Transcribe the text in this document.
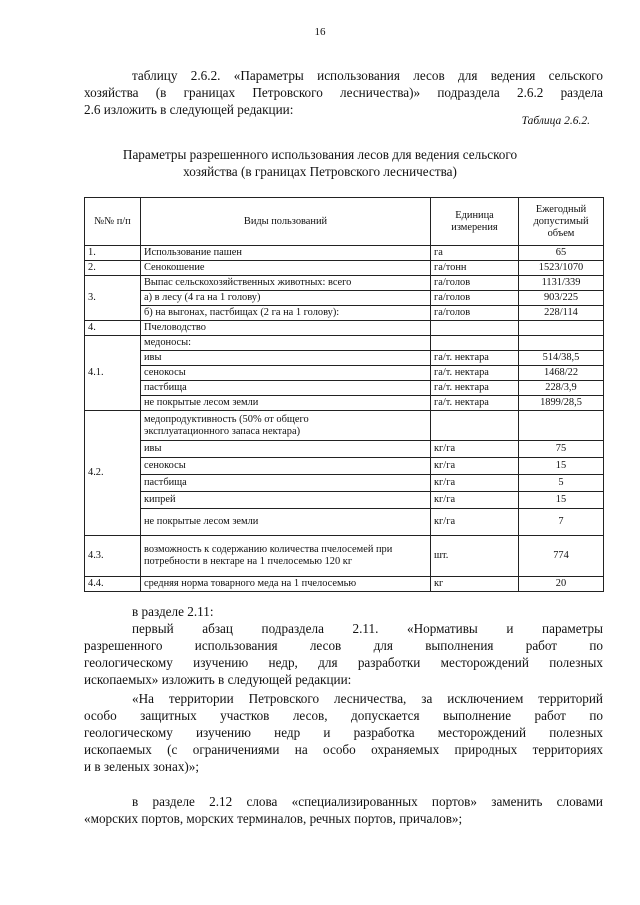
16
таблицу 2.6.2. «Параметры использования лесов для ведения сельского
хозяйства (в границах Петровского лесничества)» подраздела 2.6.2 раздела
2.6 изложить в следующей редакции:
Таблица 2.6.2.
Параметры разрешенного использования лесов для ведения сельского
хозяйства (в границах Петровского лесничества)
№№ п/п	Виды пользований	Единица измерения	Ежегодный допустимый объем
1.	Использование пашен	га	65
2.	Сенокошение	га/тонн	1523/1070
3.	Выпас сельскохозяйственных животных: всего	га/голов	1131/339
	а) в лесу (4 га на 1 голову)	га/голов	903/225
	б) на выгонах, пастбищах (2 га на 1 голову):	га/голов	228/114
4.	Пчеловодство		
4.1.	медоносы:		
	ивы	га/т. нектара	514/38,5
	сенокосы	га/т. нектара	1468/22
	пастбища	га/т. нектара	228/3,9
	не покрытые лесом земли	га/т. нектара	1899/28,5
4.2.	медопродуктивность (50% от общего эксплуатационного запаса нектара)		

	ивы	кг/га	75
	сенокосы	кг/га	15
	пастбища	кг/га	5
	кипрей	кг/га	15
	не покрытые лесом земли	кг/га	7
4.3.	возможность к содержанию количества пчелосемей при потребности в нектаре на 1 пчелосемью 120 кг	шт.	774
4.4.	средняя норма товарного меда на 1 пчелосемью	кг	20
в разделе 2.11:
первый абзац подраздела 2.11. «Нормативы и параметры
разрешенного использования лесов для выполнения работ по
геологическому изучению недр, для разработки месторождений полезных
ископаемых» изложить в следующей редакции:
«На территории Петровского лесничества, за исключением территорий
особо защитных участков лесов, допускается выполнение работ по
геологическому изучению недр и разработка месторождений полезных
ископаемых (с ограничениями на особо охраняемых природных территориях
и в зеленых зонах)»;
в разделе 2.12 слова «специализированных портов» заменить словами
«морских портов, морских терминалов, речных портов, причалов»;
